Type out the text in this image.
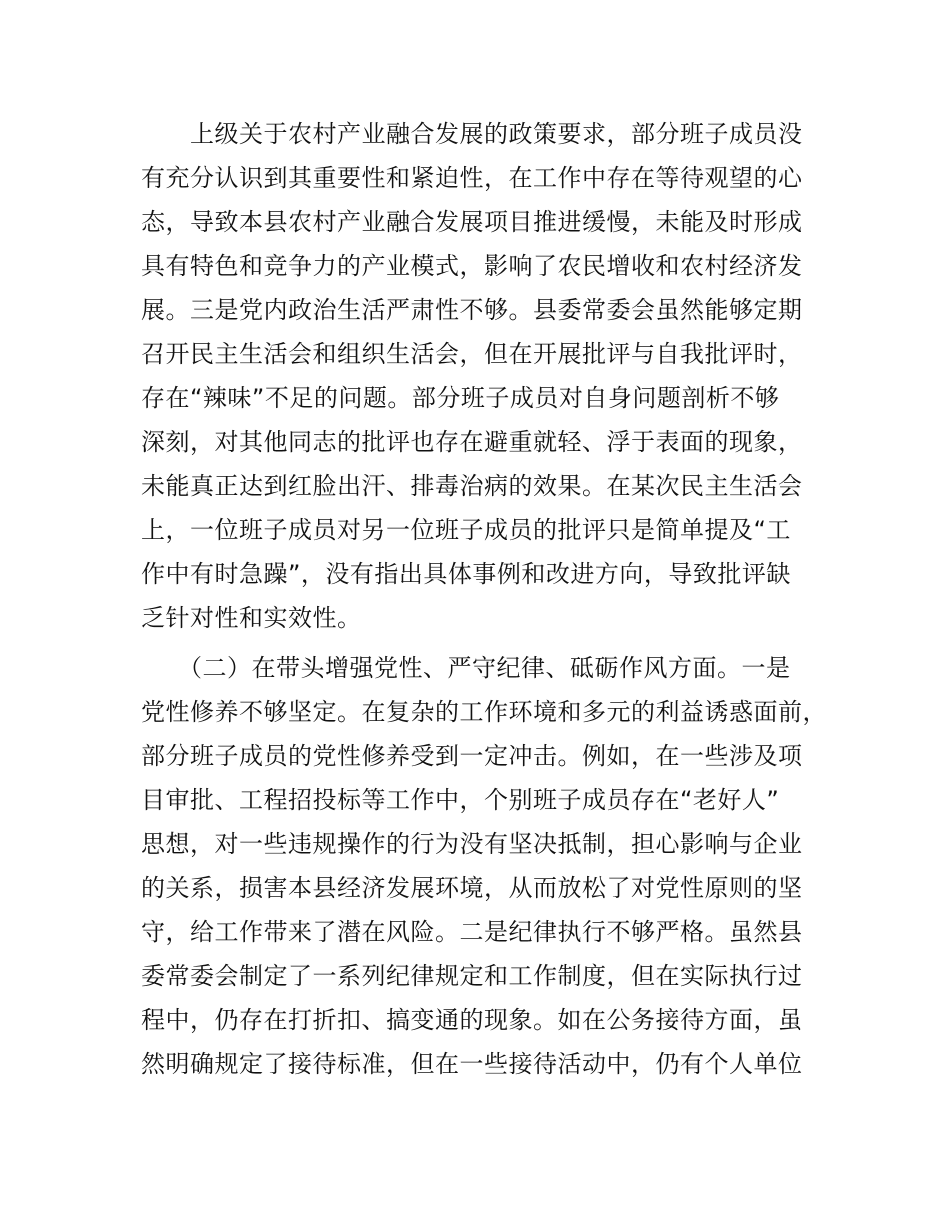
　　上级关于农村产业融合发展的政策要求，部分班子成员没
有充分认识到其重要性和紧迫性，在工作中存在等待观望的心
态，导致本县农村产业融合发展项目推进缓慢，未能及时形成
具有特色和竞争力的产业模式，影响了农民增收和农村经济发
展。三是党内政治生活严肃性不够。县委常委会虽然能够定期
召开民主生活会和组织生活会，但在开展批评与自我批评时，
存在“辣味”不足的问题。部分班子成员对自身问题剖析不够
深刻，对其他同志的批评也存在避重就轻、浮于表面的现象，
未能真正达到红脸出汗、排毒治病的效果。在某次民主生活会
上，一位班子成员对另一位班子成员的批评只是简单提及“工
作中有时急躁”，没有指出具体事例和改进方向，导致批评缺
乏针对性和实效性。
　　（二）在带头增强党性、严守纪律、砥砺作风方面。一是
党性修养不够坚定。在复杂的工作环境和多元的利益诱惑面前，
部分班子成员的党性修养受到一定冲击。例如，在一些涉及项
目审批、工程招投标等工作中，个别班子成员存在“老好人”
思想，对一些违规操作的行为没有坚决抵制，担心影响与企业
的关系，损害本县经济发展环境，从而放松了对党性原则的坚
守，给工作带来了潜在风险。二是纪律执行不够严格。虽然县
委常委会制定了一系列纪律规定和工作制度，但在实际执行过
程中，仍存在打折扣、搞变通的现象。如在公务接待方面，虽
然明确规定了接待标准，但在一些接待活动中，仍有个人单位
